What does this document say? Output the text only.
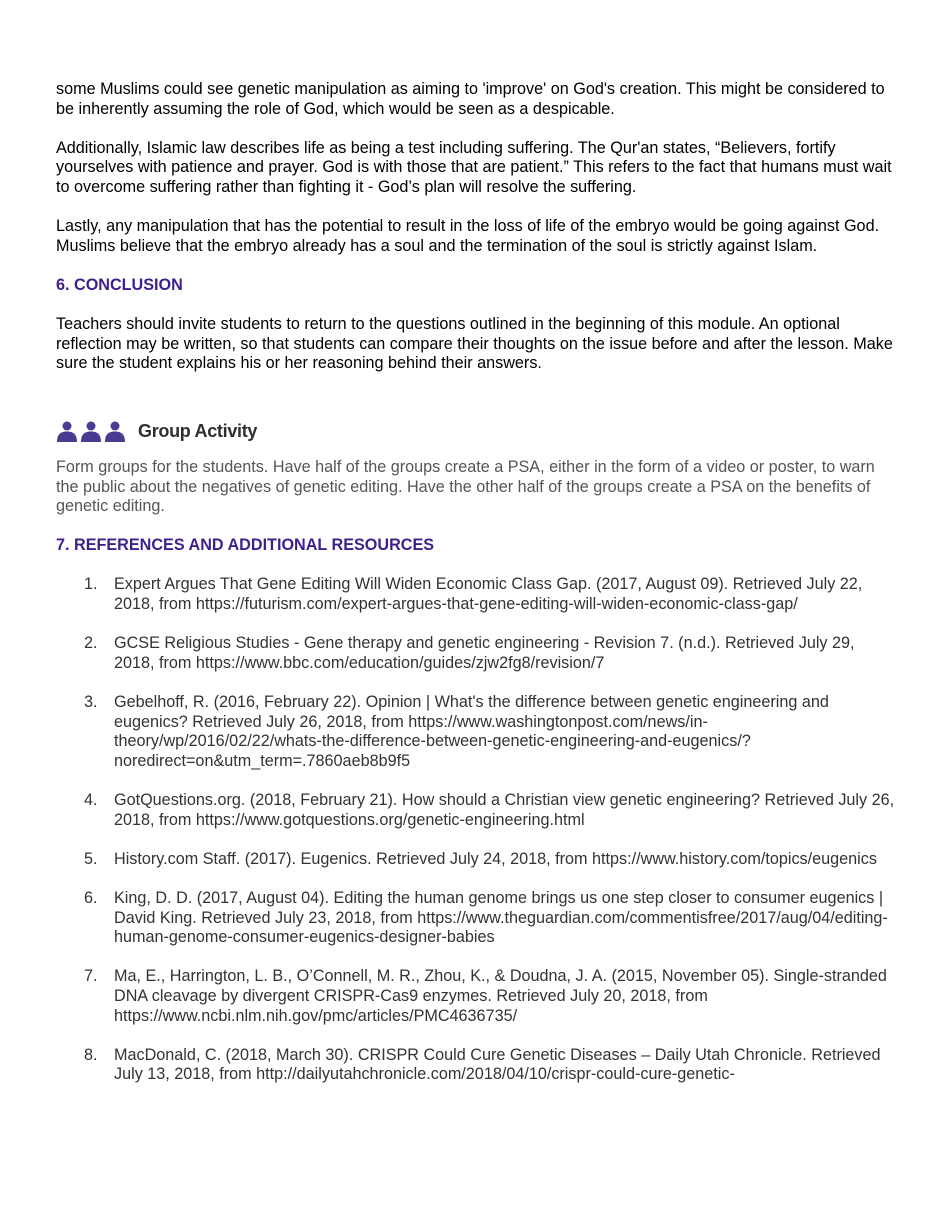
some Muslims could see genetic manipulation as aiming to 'improve' on God's creation. This might be considered to be inherently assuming the role of God, which would be seen as a despicable.

Additionally, Islamic law describes life as being a test including suffering. The Qur'an states, “Believers, fortify yourselves with patience and prayer. God is with those that are patient.” This refers to the fact that humans must wait to overcome suffering rather than fighting it - God’s plan will resolve the suffering.

Lastly, any manipulation that has the potential to result in the loss of life of the embryo would be going against God. Muslims believe that the embryo already has a soul and the termination of the soul is strictly against Islam.

6. CONCLUSION

Teachers should invite students to return to the questions outlined in the beginning of this module. An optional reflection may be written, so that students can compare their thoughts on the issue before and after the lesson. Make sure the student explains his or her reasoning behind their answers.

Group Activity

Form groups for the students. Have half of the groups create a PSA, either in the form of a video or poster, to warn the public about the negatives of genetic editing. Have the other half of the groups create a PSA on the benefits of genetic editing.

7. REFERENCES AND ADDITIONAL RESOURCES
1. Expert Argues That Gene Editing Will Widen Economic Class Gap. (2017, August 09). Retrieved July 22, 2018, from https://futurism.com/expert-argues-that-gene-editing-will-widen-economic-class-gap/
2. GCSE Religious Studies - Gene therapy and genetic engineering - Revision 7. (n.d.). Retrieved July 29, 2018, from https://www.bbc.com/education/guides/zjw2fg8/revision/7
3. Gebelhoff, R. (2016, February 22). Opinion | What's the difference between genetic engineering and eugenics? Retrieved July 26, 2018, from https://www.washingtonpost.com/news/in-theory/wp/2016/02/22/whats-the-difference-between-genetic-engineering-and-eugenics/?noredirect=on&utm_term=.7860aeb8b9f5
4. GotQuestions.org. (2018, February 21). How should a Christian view genetic engineering? Retrieved July 26, 2018, from https://www.gotquestions.org/genetic-engineering.html
5. History.com Staff. (2017). Eugenics. Retrieved July 24, 2018, from https://www.history.com/topics/eugenics
6. King, D. D. (2017, August 04). Editing the human genome brings us one step closer to consumer eugenics | David King. Retrieved July 23, 2018, from https://www.theguardian.com/commentisfree/2017/aug/04/editing-human-genome-consumer-eugenics-designer-babies
7. Ma, E., Harrington, L. B., O’Connell, M. R., Zhou, K., & Doudna, J. A. (2015, November 05). Single-stranded DNA cleavage by divergent CRISPR-Cas9 enzymes. Retrieved July 20, 2018, from https://www.ncbi.nlm.nih.gov/pmc/articles/PMC4636735/
8. MacDonald, C. (2018, March 30). CRISPR Could Cure Genetic Diseases – Daily Utah Chronicle. Retrieved July 13, 2018, from http://dailyutahchronicle.com/2018/04/10/crispr-could-cure-genetic-
